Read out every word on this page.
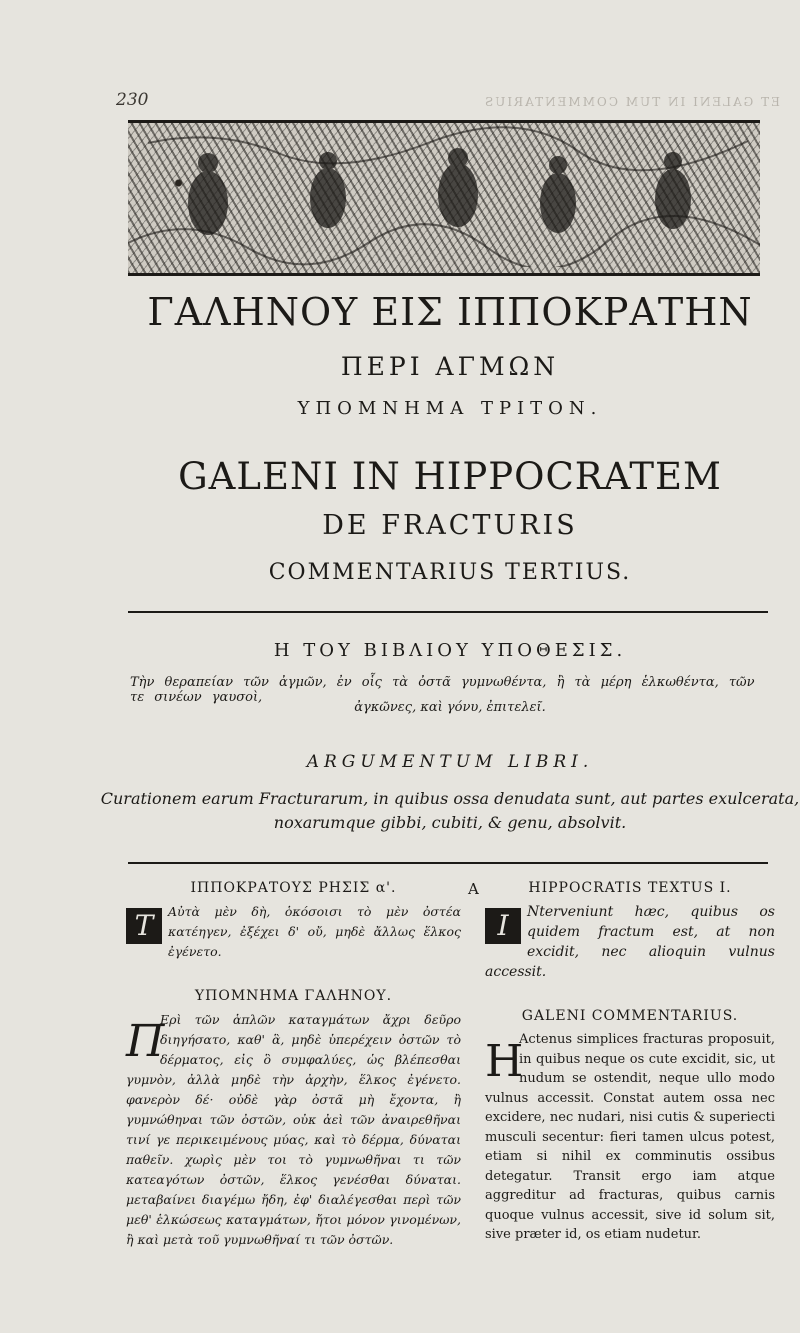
230	ET GALENI IN TUM COMMENTARIUS
ΓΑΛΗΝΟΥ ΕΙΣ ΙΠΠΟΚΡΑΤΗΝ
ΠΕΡΙ ΑΓΜΩΝ
ΥΠΟΜΝΗΜΑ ΤΡΙΤΟΝ.
GALENI IN HIPPOCRATEM
DE FRACTURIS
COMMENTARIUS TERTIUS.
Η ΤΟΥ ΒΙΒΛΙΟΥ ΥΠΟΘΕΣΙΣ.
Τὴν θεραπείαν τῶν ἀγμῶν, ἐν οἷς τὰ ὀστᾶ γυμνωθέντα, ἢ τὰ μέρη ἑλκωθέντα, τῶν τε σινέων γαυσοὶ,
ἀγκῶνες, καὶ γόνυ, ἐπιτελεῖ.
ARGUMENTUM LIBRI.
Curationem earum Fracturarum, in quibus ossa denudata sunt, aut partes exulcerata,
noxarumque gibbi, cubiti, & genu, absolvit.
ΙΠΠΟΚΡΑΤΟΥΣ ΡΗΣΙΣ α'.
Τ	Αὐτὰ μὲν δὴ, ὁκόσοισι τὸ μὲν ὀστέα κατέηγεν, ἐξέχει δ' οὔ, μηδὲ ἄλλως ἕλκος ἐγένετο.
ΥΠΟΜΝΗΜΑ ΓΑΛΗΝΟΥ.
Π
Ερὶ τῶν ἁπλῶν καταγμάτων ἄχρι δεῦρο διηγήσατο, καθ' ἃ, μηδὲ ὑπερέχειν ὀστῶν τὸ δέρματος, εἰς ὃ συμφαλύες, ὡς βλέπεσθαι γυμνὸν, ἀλλὰ μηδὲ τὴν ἀρχὴν, ἕλκος ἐγένετο. φανερὸν δέ· οὐδὲ γὰρ ὀστᾶ μὴ ἔχοντα, ἢ γυμνώθηναι τῶν ὀστῶν, οὐκ ἀεὶ τῶν ἀναιρεθῆναι τινί γε περικειμένους μύας, καὶ τὸ δέρμα, δύναται παθεῖν. χωρὶς μὲν τοι τὸ γυμνωθῆναι τι τῶν κατεαγότων ὀστῶν, ἕλκος γενέσθαι δύναται. μεταβαίνει διαγέμω ἤδη, ἐφ' διαλέγεσθαι περὶ τῶν μεθ' ἑλκώσεως καταγμάτων, ἤτοι μόνον γινομένων, ἢ καὶ μετὰ τοῦ γυμνωθῆναί τι τῶν ὀστῶν.
A	HIPPOCRATIS TEXTUS I.
I	Nterveniunt hæc, quibus os quidem fractum est, at non excidit, nec alioquin vulnus accessit.
GALENI COMMENTARIUS.
H
Actenus simplices fracturas proposuit, in quibus neque os cute excidit, sic, ut nudum se ostendit, neque ullo modo vulnus accessit. Constat autem ossa nec excidere, nec nudari, nisi cutis & superiecti musculi secentur: fieri tamen ulcus potest, etiam si nihil ex comminutis ossibus detegatur. Transit ergo iam atque aggreditur ad fracturas, quibus carnis quoque vulnus accessit, sive id solum sit, sive præter id, os etiam nudetur.
